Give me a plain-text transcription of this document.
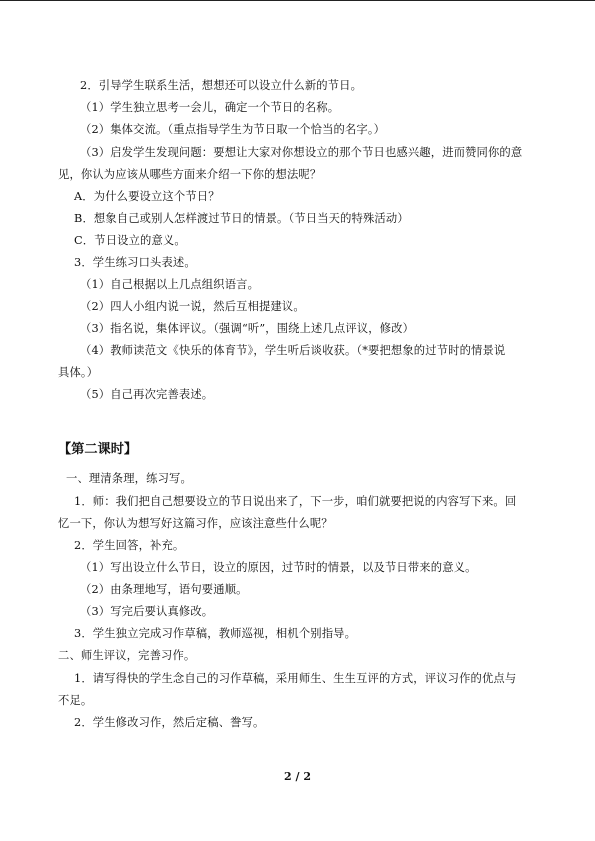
2．引导学生联系生活，想想还可以设立什么新的节日。
（1）学生独立思考一会儿，确定一个节日的名称。
（2）集体交流。（重点指导学生为节日取一个恰当的名字。）
（3）启发学生发现问题：要想让大家对你想设立的那个节日也感兴趣，进而赞同你的意
见，你认为应该从哪些方面来介绍一下你的想法呢？
A．为什么要设立这个节日？
B．想象自己或别人怎样渡过节日的情景。（节日当天的特殊活动）
C．节日设立的意义。
3．学生练习口头表述。
（1）自己根据以上几点组织语言。
（2）四人小组内说一说，然后互相提建议。
（3）指名说，集体评议。（强调“听”，围绕上述几点评议，修改）
（4）教师读范文《快乐的体育节》，学生听后谈收获。（*要把想象的过节时的情景说
具体。）
（5）自己再次完善表述。
【第二课时】
一、理清条理，练习写。
1．师：我们把自己想要设立的节日说出来了，下一步，咱们就要把说的内容写下来。回
忆一下，你认为想写好这篇习作，应该注意些什么呢？
2．学生回答，补充。
（1）写出设立什么节日，设立的原因，过节时的情景，以及节日带来的意义。
（2）由条理地写，语句要通顺。
（3）写完后要认真修改。
3．学生独立完成习作草稿，教师巡视，相机个别指导。
二、师生评议，完善习作。
1．请写得快的学生念自己的习作草稿，采用师生、生生互评的方式，评议习作的优点与
不足。
2．学生修改习作，然后定稿、誊写。
2 / 2
